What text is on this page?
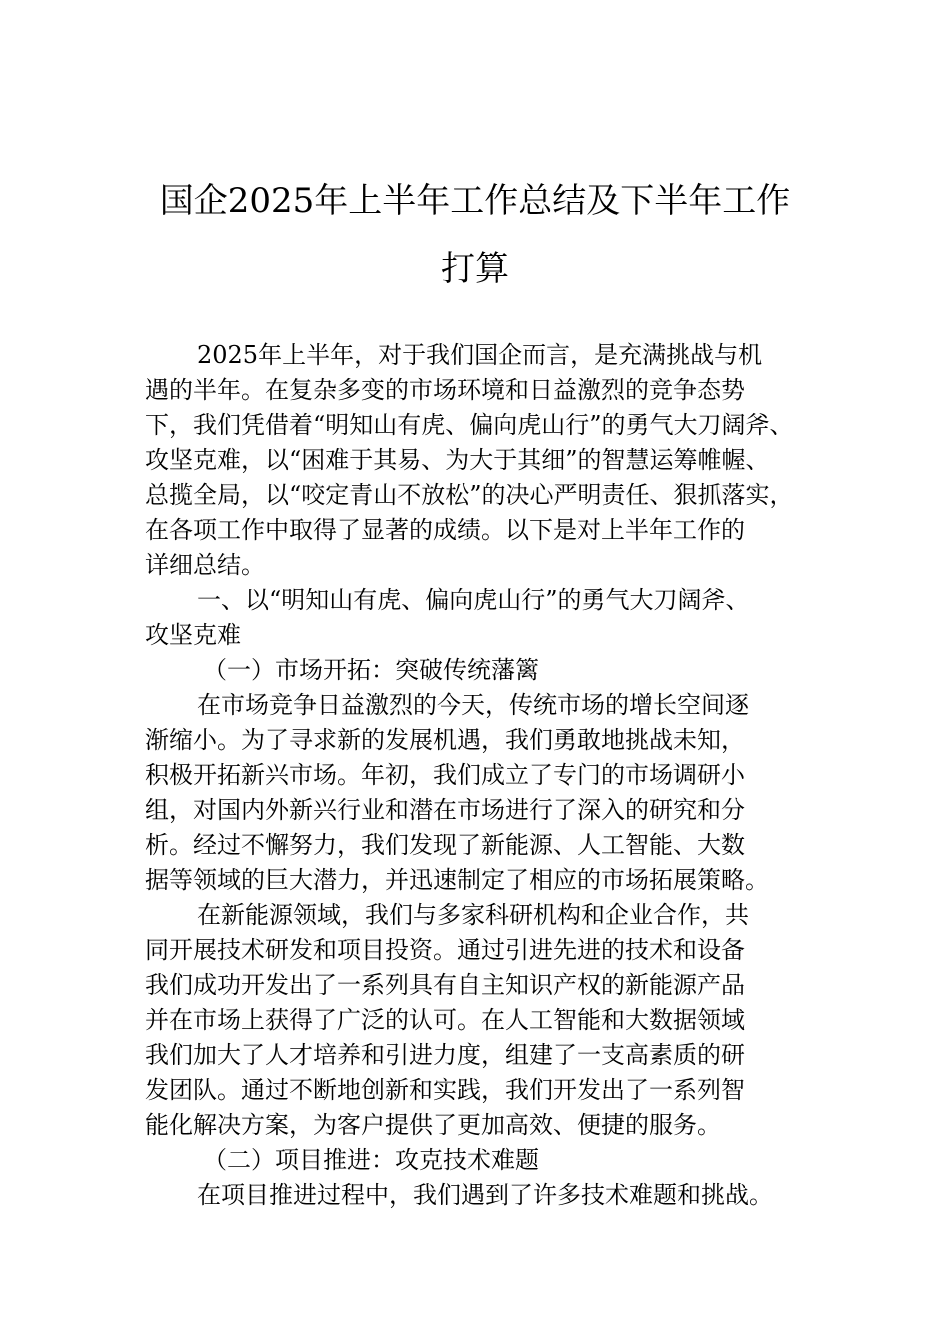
国企2025年上半年工作总结及下半年工作
打算
2025年上半年，对于我们国企而言，是充满挑战与机
遇的半年。在复杂多变的市场环境和日益激烈的竞争态势
下，我们凭借着“明知山有虎、偏向虎山行”的勇气大刀阔斧、
攻坚克难，以“困难于其易、为大于其细”的智慧运筹帷幄、
总揽全局，以“咬定青山不放松”的决心严明责任、狠抓落实，
在各项工作中取得了显著的成绩。以下是对上半年工作的
详细总结。
一、以“明知山有虎、偏向虎山行”的勇气大刀阔斧、
攻坚克难
（一）市场开拓：突破传统藩篱
在市场竞争日益激烈的今天，传统市场的增长空间逐
渐缩小。为了寻求新的发展机遇，我们勇敢地挑战未知，
积极开拓新兴市场。年初，我们成立了专门的市场调研小
组，对国内外新兴行业和潜在市场进行了深入的研究和分
析。经过不懈努力，我们发现了新能源、人工智能、大数
据等领域的巨大潜力，并迅速制定了相应的市场拓展策略。
在新能源领域，我们与多家科研机构和企业合作，共
同开展技术研发和项目投资。通过引进先进的技术和设备
我们成功开发出了一系列具有自主知识产权的新能源产品
并在市场上获得了广泛的认可。在人工智能和大数据领域
我们加大了人才培养和引进力度，组建了一支高素质的研
发团队。通过不断地创新和实践，我们开发出了一系列智
能化解决方案，为客户提供了更加高效、便捷的服务。
（二）项目推进：攻克技术难题
在项目推进过程中，我们遇到了许多技术难题和挑战。
